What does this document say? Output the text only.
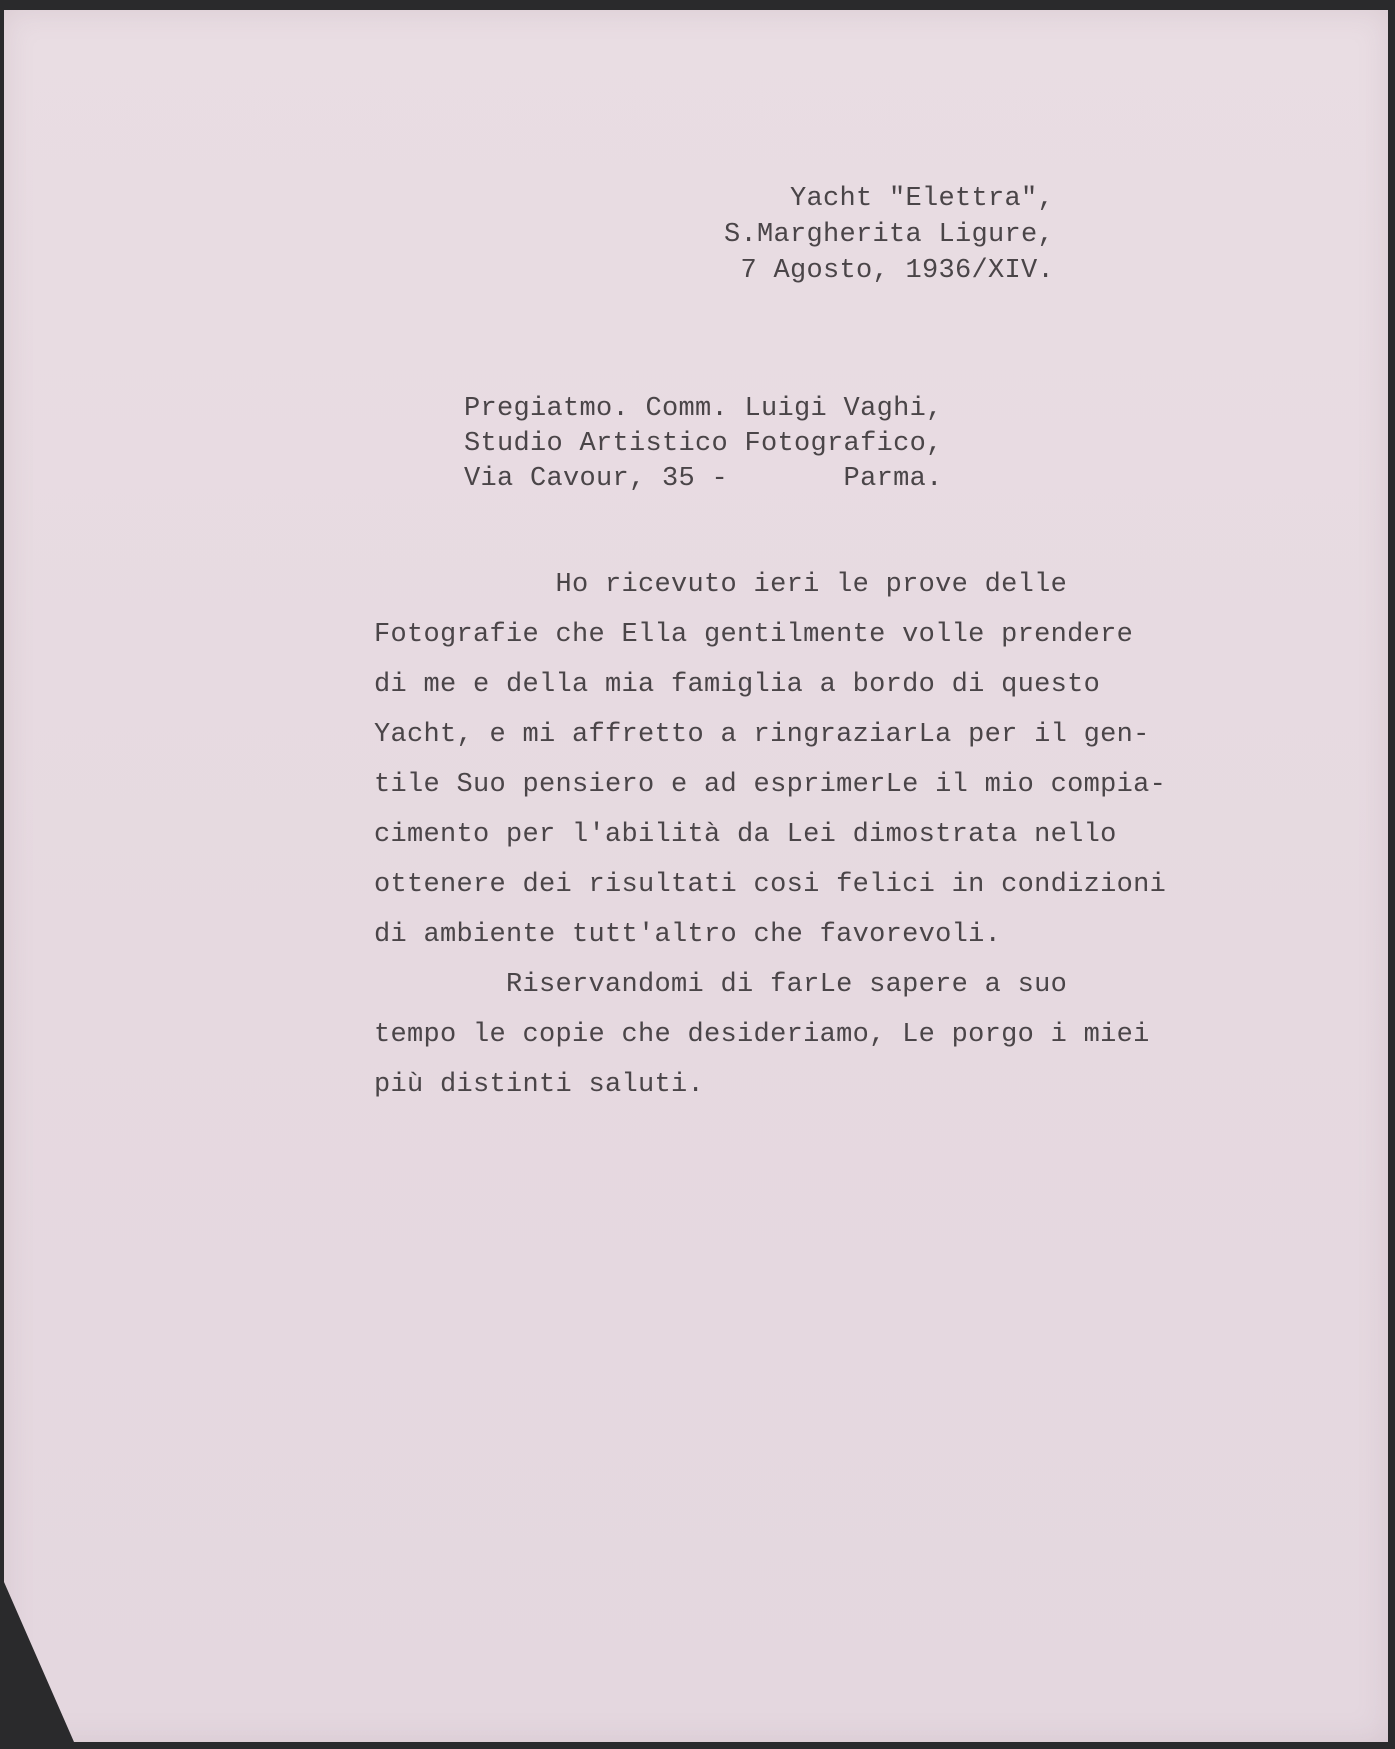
Yacht "Elettra",
S.Margherita Ligure,
7 Agosto, 1936/XIV.
Pregiatmo. Comm. Luigi Vaghi,
Studio Artistico Fotografico,
Via Cavour, 35 -       Parma.
Ho ricevuto ieri le prove delle
Fotografie che Ella gentilmente volle prendere
di me e della mia famiglia a bordo di questo
Yacht, e mi affretto a ringraziarLa per il gen-
tile Suo pensiero e ad esprimerLe il mio compia-
cimento per l'abilità da Lei dimostrata nello
ottenere dei risultati cosi felici in condizioni
di ambiente tutt'altro che favorevoli.
Riservandomi di farLe sapere a suo
tempo le copie che desideriamo, Le porgo i miei
più distinti saluti.
